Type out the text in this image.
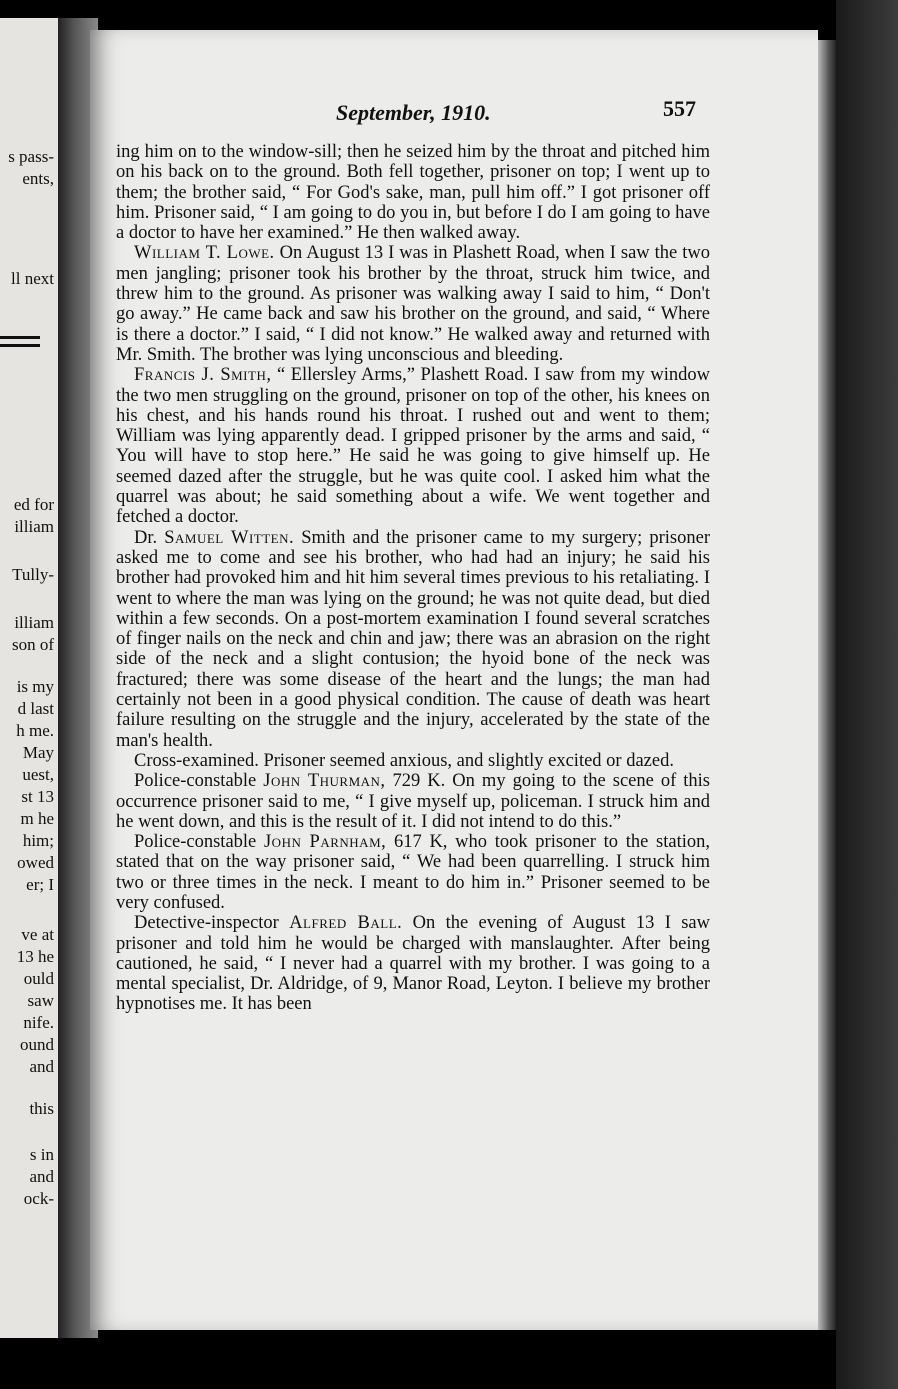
s pass-
ents,
ll next
ed for
illiam
Tully-
illiam
son of
is my
d last
h me.
May
uest,
st 13
m he
him;
owed
er; I
ve at
13 he
ould
saw
nife.
ound
and
this
s in
and
ock-
September, 1910.	557

ing him on to the window-sill; then he seized him by the throat and pitched him on his back on to the ground. Both fell together, prisoner on top; I went up to them; the brother said, “ For God's sake, man, pull him off.” I got prisoner off him. Prisoner said, “ I am going to do you in, but before I do I am going to have a doctor to have her examined.” He then walked away.

William T. Lowe. On August 13 I was in Plashett Road, when I saw the two men jangling; prisoner took his brother by the throat, struck him twice, and threw him to the ground. As prisoner was walking away I said to him, “ Don't go away.” He came back and saw his brother on the ground, and said, “ Where is there a doctor.” I said, “ I did not know.” He walked away and returned with Mr. Smith. The brother was lying unconscious and bleeding.

Francis J. Smith, “ Ellersley Arms,” Plashett Road. I saw from my window the two men struggling on the ground, prisoner on top of the other, his knees on his chest, and his hands round his throat. I rushed out and went to them; William was lying apparently dead. I gripped prisoner by the arms and said, “ You will have to stop here.” He said he was going to give himself up. He seemed dazed after the struggle, but he was quite cool. I asked him what the quarrel was about; he said something about a wife. We went together and fetched a doctor.

Dr. Samuel Witten. Smith and the prisoner came to my surgery; prisoner asked me to come and see his brother, who had had an injury; he said his brother had provoked him and hit him several times previous to his retaliating. I went to where the man was lying on the ground; he was not quite dead, but died within a few seconds. On a post-mortem examination I found several scratches of finger nails on the neck and chin and jaw; there was an abrasion on the right side of the neck and a slight contusion; the hyoid bone of the neck was fractured; there was some disease of the heart and the lungs; the man had certainly not been in a good physical condition. The cause of death was heart failure resulting on the struggle and the injury, accelerated by the state of the man's health.

Cross-examined. Prisoner seemed anxious, and slightly excited or dazed.

Police-constable John Thurman, 729 K. On my going to the scene of this occurrence prisoner said to me, “ I give myself up, policeman. I struck him and he went down, and this is the result of it. I did not intend to do this.”

Police-constable John Parnham, 617 K, who took prisoner to the station, stated that on the way prisoner said, “ We had been quarrelling. I struck him two or three times in the neck. I meant to do him in.” Prisoner seemed to be very confused.

Detective-inspector Alfred Ball. On the evening of August 13 I saw prisoner and told him he would be charged with manslaughter. After being cautioned, he said, “ I never had a quarrel with my brother. I was going to a mental specialist, Dr. Aldridge, of 9, Manor Road, Leyton. I believe my brother hypnotises me. It has been
